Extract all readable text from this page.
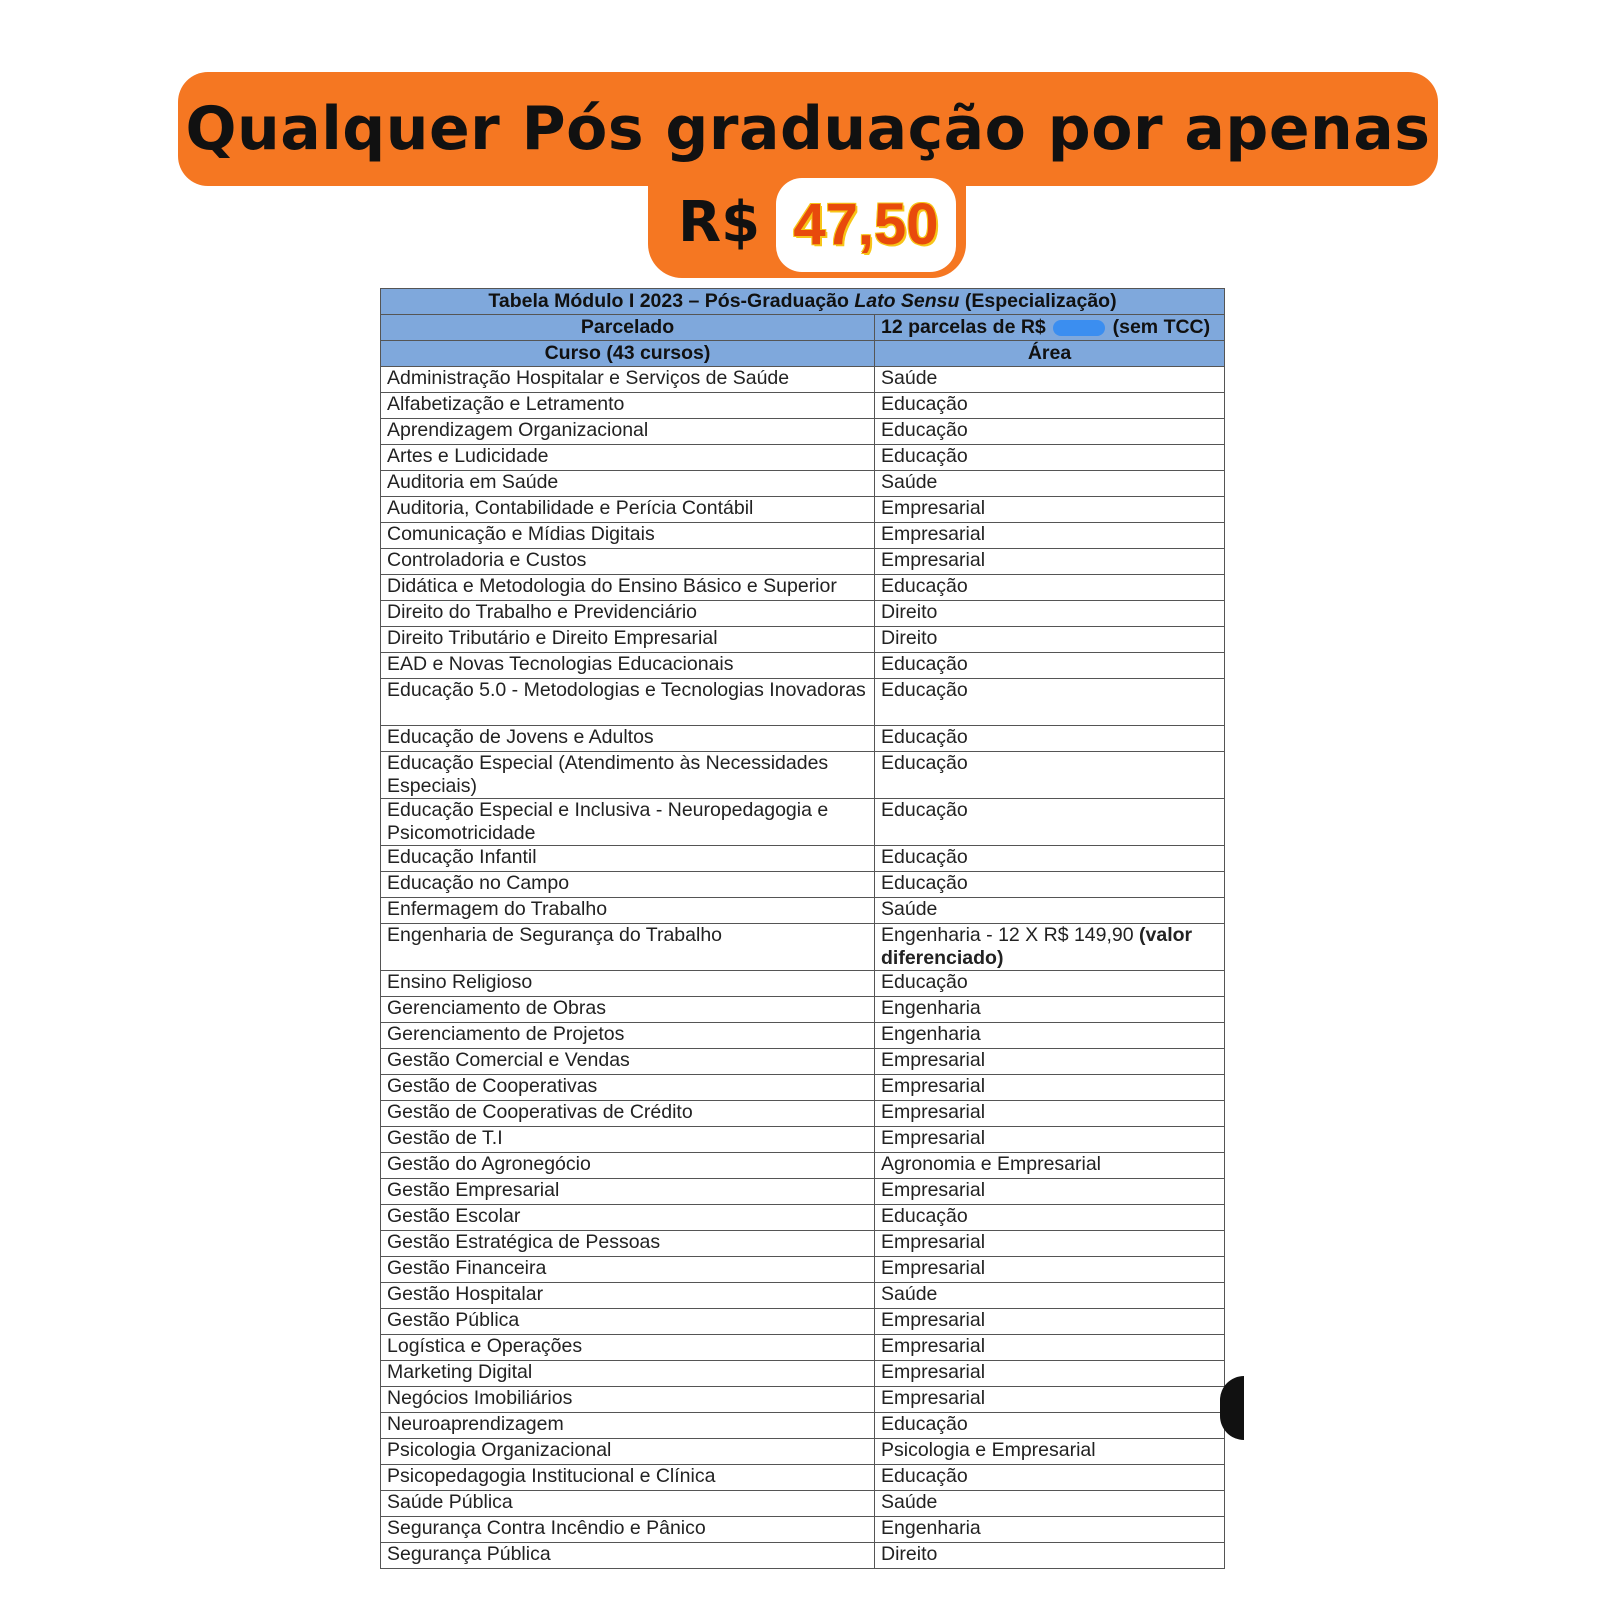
Qualquer Pós graduação por apenas
R$ 47,50
Tabela Módulo I 2023 – Pós-Graduação Lato Sensu (Especialização)	
Parcelado	12 parcelas de R$ (sem TCC)
Curso (43 cursos)	Área
Administração Hospitalar e Serviços de Saúde	Saúde
Alfabetização e Letramento	Educação
Aprendizagem Organizacional	Educação
Artes e Ludicidade	Educação
Auditoria em Saúde	Saúde
Auditoria, Contabilidade e Perícia Contábil	Empresarial
Comunicação e Mídias Digitais	Empresarial
Controladoria e Custos	Empresarial
Didática e Metodologia do Ensino Básico e Superior	Educação
Direito do Trabalho e Previdenciário	Direito
Direito Tributário e Direito Empresarial	Direito
EAD e Novas Tecnologias Educacionais	Educação
Educação 5.0 - Metodologias e Tecnologias Inovadoras	Educação
Educação de Jovens e Adultos	Educação
Educação Especial (Atendimento às Necessidades Especiais)	Educação
Educação Especial e Inclusiva - Neuropedagogia e Psicomotricidade	Educação
Educação Infantil	Educação
Educação no Campo	Educação
Enfermagem do Trabalho	Saúde
Engenharia de Segurança do Trabalho	Engenharia - 12 X R$ 149,90 (valor diferenciado)
Ensino Religioso	Educação
Gerenciamento de Obras	Engenharia
Gerenciamento de Projetos	Engenharia
Gestão Comercial e Vendas	Empresarial
Gestão de Cooperativas	Empresarial
Gestão de Cooperativas de Crédito	Empresarial
Gestão de T.I	Empresarial
Gestão do Agronegócio	Agronomia e Empresarial
Gestão Empresarial	Empresarial
Gestão Escolar	Educação
Gestão Estratégica de Pessoas	Empresarial
Gestão Financeira	Empresarial
Gestão Hospitalar	Saúde
Gestão Pública	Empresarial
Logística e Operações	Empresarial
Marketing Digital	Empresarial
Negócios Imobiliários	Empresarial
Neuroaprendizagem	Educação
Psicologia Organizacional	Psicologia e Empresarial
Psicopedagogia Institucional e Clínica	Educação
Saúde Pública	Saúde
Segurança Contra Incêndio e Pânico	Engenharia
Segurança Pública	Direito
